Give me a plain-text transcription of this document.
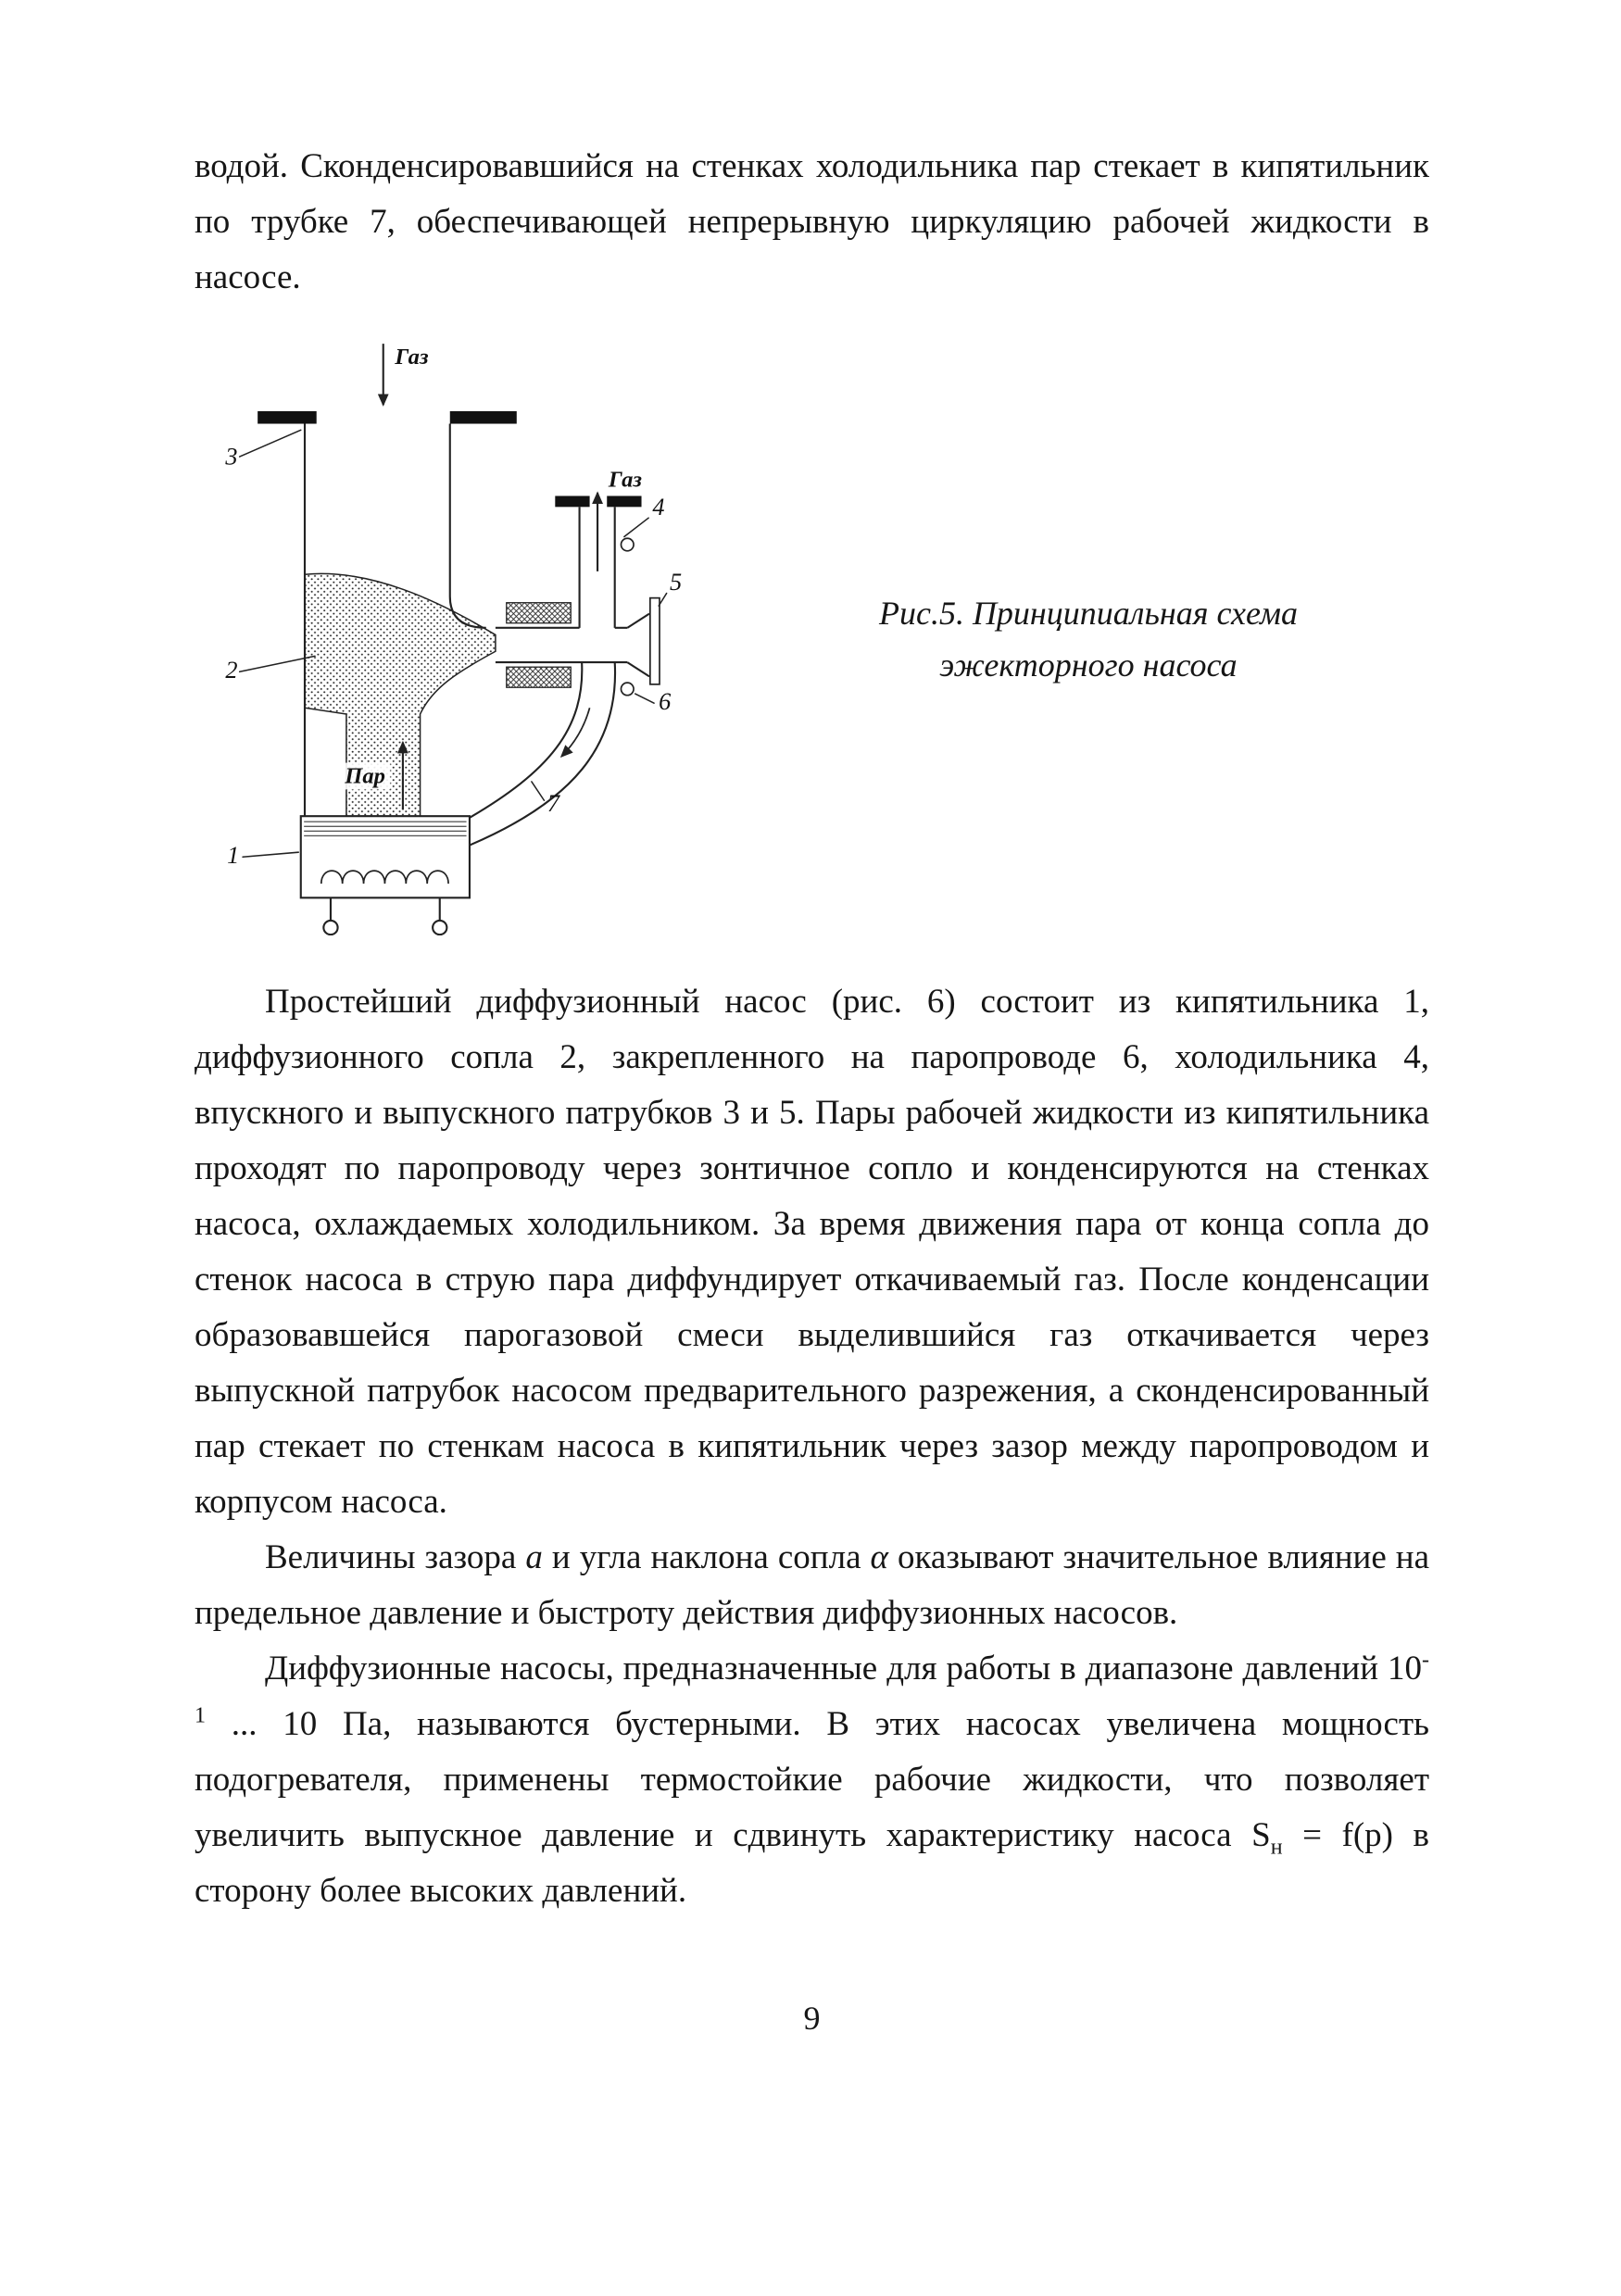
водой. Сконденсировавшийся на стенках холодильника пар стекает в кипятильник по трубке 7, обеспечивающей непрерывную циркуляцию рабочей жидкости в насосе.

Газ
Газ
Пар
3
2
1
4
5
6
7
Рис.5. Принципиальная схема
эжекторного насоса

Простейший диффузионный насос (рис. 6) состоит из кипятильника 1, диффузионного сопла 2, закрепленного на паропроводе 6, холодильника 4, впускного и выпускного патрубков 3 и 5. Пары рабочей жидкости из кипятильника проходят по паропроводу через зонтичное сопло и конденсируются на стенках насоса, охлаждаемых холодильником. За время движения пара от конца сопла до стенок насоса в струю пара диффундирует откачиваемый газ. После конденсации образовавшейся парогазовой смеси выделившийся газ откачивается через выпускной патрубок насосом предварительного разрежения, а сконденсированный пар стекает по стенкам насоса в кипятильник через зазор между паропроводом и корпусом насоса.

Величины зазора а и угла наклона сопла α оказывают значительное влияние на предельное давление и быстроту действия диффузионных насосов.

Диффузионные насосы, предназначенные для работы в диапазоне давлений $10^{-1}$ ... 10 Па, называются бустерными. В этих насосах увеличена мощность подогревателя, применены термостойкие рабочие жидкости, что позволяет увеличить выпускное давление и сдвинуть характеристику насоса $S_н = f(p)$ в сторону более высоких давлений.

9
